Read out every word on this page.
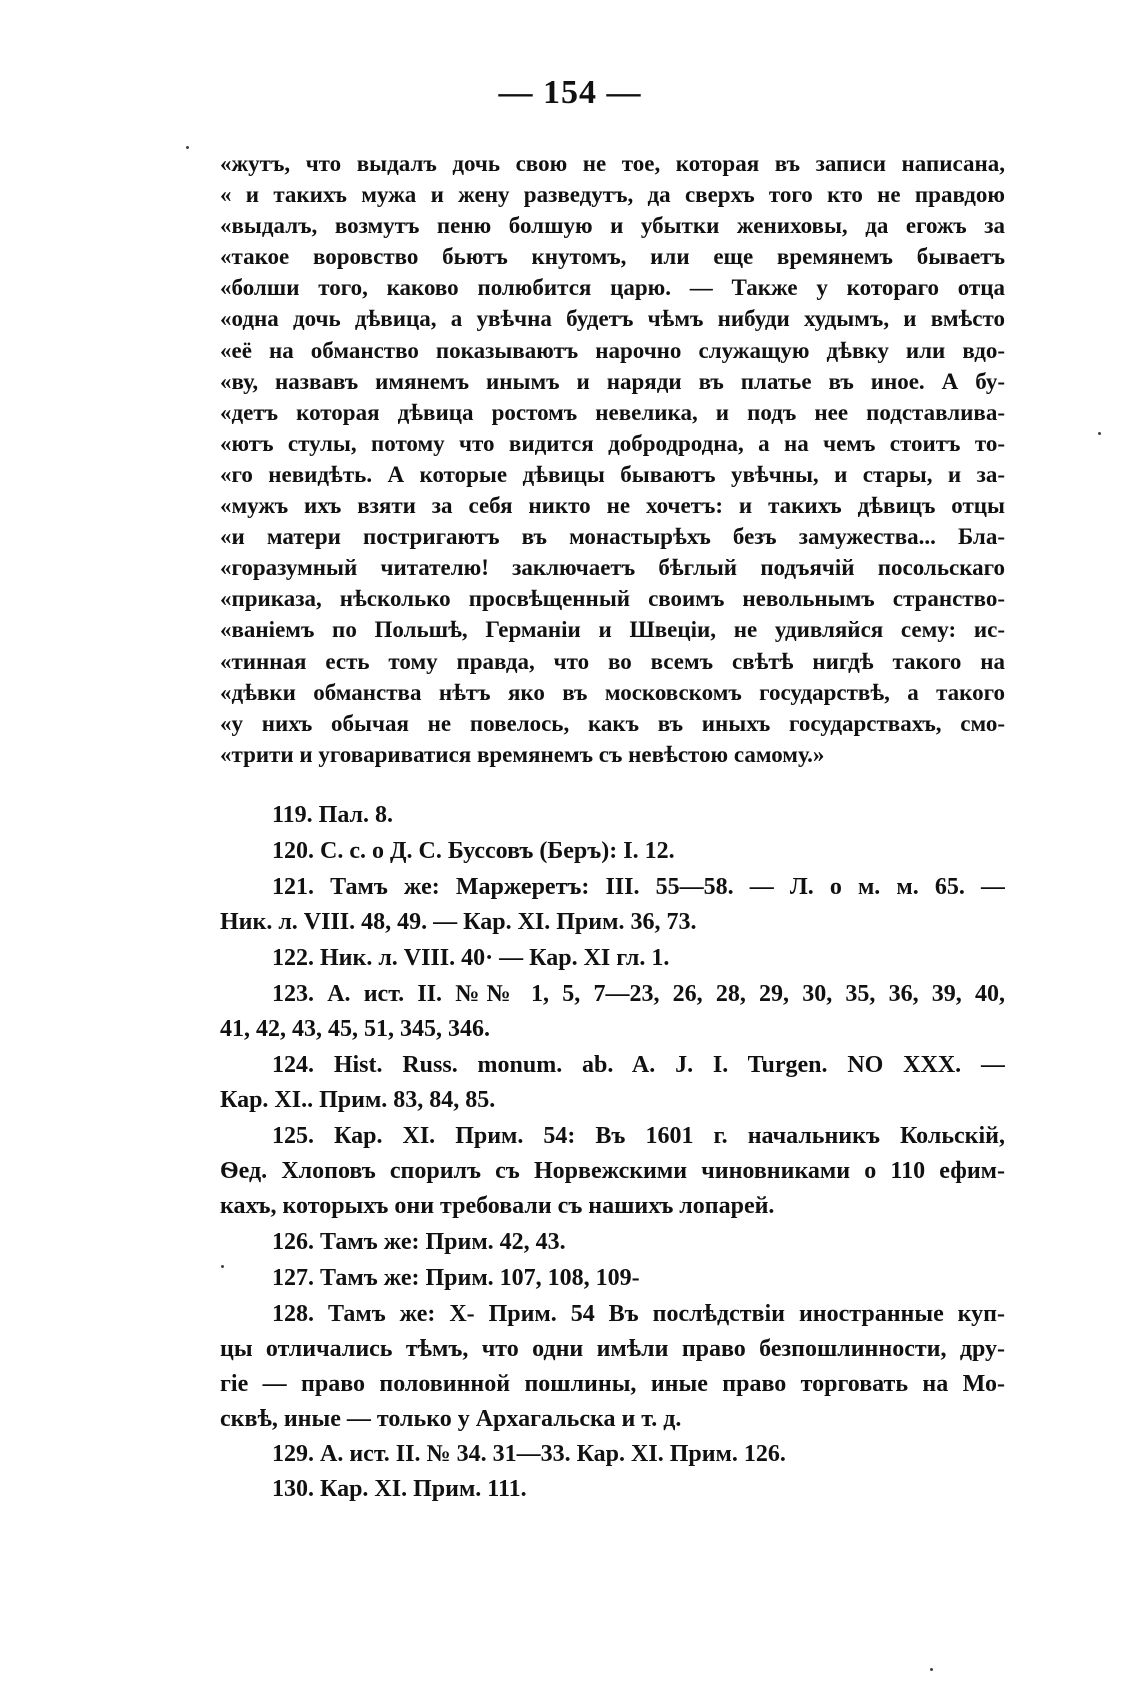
— 154 —
«жутъ, что выдалъ дочь свою не тое, которая въ записи написана,
« и такихъ мужа и жену разведутъ, да сверхъ того кто не правдою
«выдалъ, возмутъ пеню болшую и убытки жениховы, да егожъ за
«такое воровство бьютъ кнутомъ, или еще времянемъ бываетъ
«болши того, каково полюбится царю. — Также у котораго отца
«одна дочь дѣвица, а увѣчна будетъ чѣмъ нибуди худымъ, и вмѣсто
«её на обманство показываютъ нарочно служащую дѣвку или вдо-
«ву, назвавъ имянемъ инымъ и наряди въ платье въ иное. А бу-
«детъ которая дѣвица ростомъ невелика, и подъ нее подставлива-
«ютъ стулы, потому что видится добродродна, а на чемъ стоитъ то-
«го невидѣть. А которые дѣвицы бываютъ увѣчны, и стары, и за-
«мужъ ихъ взяти за себя никто не хочетъ: и такихъ дѣвицъ отцы
«и матери постригаютъ въ монастырѣхъ безъ замужества... Бла-
«горазумный читателю! заключаетъ бѣглый подъячій посольскаго
«приказа, нѣсколько просвѣщенный своимъ невольнымъ странство-
«ваніемъ по Польшѣ, Германіи и Швеціи, не удивляйся сему: ис-
«тинная есть тому правда, что во всемъ свѣтѣ нигдѣ такого на
«дѣвки обманства нѣтъ яко въ московскомъ государствѣ, а такого
«у нихъ обычая не повелось, какъ въ иныхъ государствахъ, смо-
«трити и уговариватися времянемъ съ невѣстою самому.»
119. Пал. 8.
120. С. с. о Д. С. Буссовъ (Беръ): I. 12.
121. Тамъ же: Маржеретъ: III. 55—58. — Л. о м. м. 65. —
Ник. л. VIII. 48, 49. — Кар. XI. Прим. 36, 73.
122. Ник. л. VIII. 40· — Кар. XI гл. 1.
123. А. ист. II. №№ 1, 5, 7—23, 26, 28, 29, 30, 35, 36, 39, 40,
41, 42, 43, 45, 51, 345, 346.
124. Hist. Russ. monum. ab. A. J. I. Turgen. NO XXX. —
Кар. XI.. Прим. 83, 84, 85.
125. Кар. XI. Прим. 54: Въ 1601 г. начальникъ Кольскій,
Ѳед. Хлоповъ спорилъ съ Норвежскими чиновниками о 110 ефим-
кахъ, которыхъ они требовали съ нашихъ лопарей.
126. Тамъ же: Прим. 42, 43.
127. Тамъ же: Прим. 107, 108, 109-
128. Тамъ же: X- Прим. 54 Въ послѣдствіи иностранные куп-
цы отличались тѣмъ, что одни имѣли право безпошлинности, дру-
гіе — право половинной пошлины, иные право торговать на Мо-
сквѣ, иные — только у Архагальска и т. д.
129. А. ист. II. № 34. 31—33. Кар. XI. Прим. 126.
130. Кар. XI. Прим. 111.
